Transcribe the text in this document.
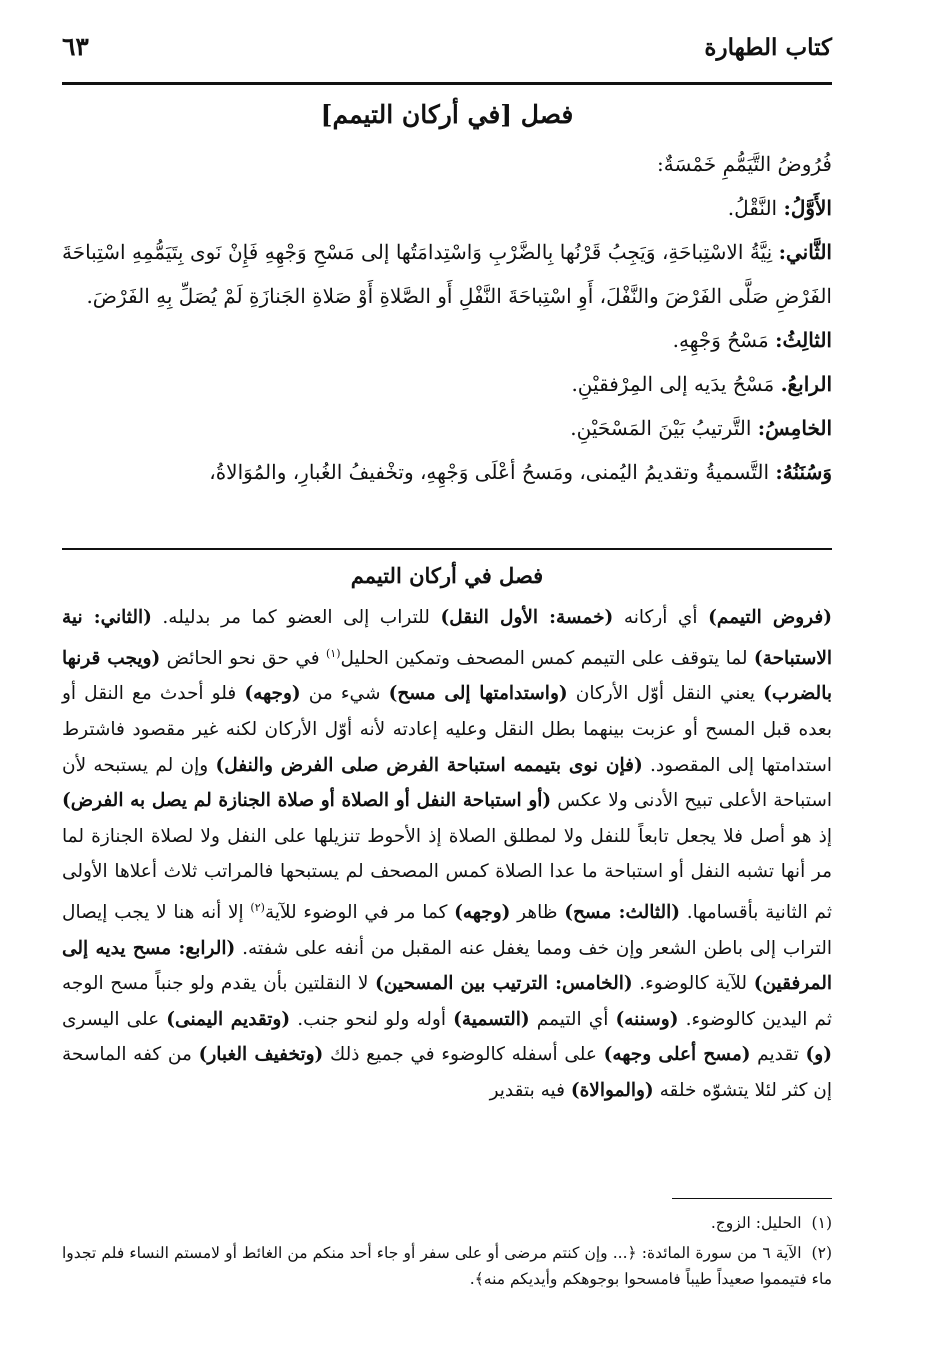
كتاب الطهارة
٦٣
فصل [في أركان التيمم]

فُرُوضُ التَّيَمُّمِ خَمْسَةٌ:

الأَوَّلُ: النَّقْلُ.

الثَّاني: نِيَّةُ الاسْتِباحَةِ، وَيَجِبُ قَرْنُها بِالضَّرْبِ وَاسْتِدامَتُها إلى مَسْحِ وَجْهِهِ فَإِنْ نَوى بِتَيَمُّمِهِ اسْتِباحَةَ الفَرْضِ صَلَّى الفَرْضَ والنَّفْلَ، أَوِ اسْتِباحَةَ النَّفْلِ أَو الصَّلاةِ أَوْ صَلاةِ الجَنازَةِ لَمْ يُصَلِّ بِهِ الفَرْضَ.

الثالِثُ: مَسْحُ وَجْهِهِ.

الرابعُ. مَسْحُ يدَيه إلى المِرْفقيْنِ.

الخامِسُ: التَّرتيبُ بَيْنَ المَسْحَيْنِ.

وَسُنَنُهُ: التَّسميةُ وتقديمُ اليُمنى، ومَسحُ أعْلَى وَجْهِهِ، وتخْفيفُ الغُبارِ، والمُوَالاةُ،

فصل في أركان التيمم

(فروض التيمم) أي أركانه (خمسة: الأول النقل) للتراب إلى العضو كما مر بدليله. (الثاني: نية الاستباحة) لما يتوقف على التيمم كمس المصحف وتمكين الحليل$^{(١)}$ في حق نحو الحائض (ويجب قرنها بالضرب) يعني النقل أوّل الأركان (واستدامتها إلى مسح) شيء من (وجهه) فلو أحدث مع النقل أو بعده قبل المسح أو عزبت بينهما بطل النقل وعليه إعادته لأنه أوّل الأركان لكنه غير مقصود فاشترط استدامتها إلى المقصود. (فإن نوى بتيممه استباحة الفرض صلى الفرض والنفل) وإن لم يستبحه لأن استباحة الأعلى تبيح الأدنى ولا عكس (أو استباحة النفل أو الصلاة أو صلاة الجنازة لم يصل به الفرض) إذ هو أصل فلا يجعل تابعاً للنفل ولا لمطلق الصلاة إذ الأحوط تنزيلها على النفل ولا لصلاة الجنازة لما مر أنها تشبه النفل أو استباحة ما عدا الصلاة كمس المصحف لم يستبحها فالمراتب ثلاث أعلاها الأولى ثم الثانية بأقسامها. (الثالث: مسح) ظاهر (وجهه) كما مر في الوضوء للآية$^{(٢)}$ إلا أنه هنا لا يجب إيصال التراب إلى باطن الشعر وإن خف ومما يغفل عنه المقبل من أنفه على شفته. (الرابع: مسح يديه إلى المرفقين) للآية كالوضوء. (الخامس: الترتيب بين المسحين) لا النقلتين بأن يقدم ولو جنباً مسح الوجه ثم اليدين كالوضوء. (وسننه) أي التيمم (التسمية) أوله ولو لنحو جنب. (وتقديم اليمنى) على اليسرى (و) تقديم (مسح أعلى وجهه) على أسفله كالوضوء في جميع ذلك (وتخفيف الغبار) من كفه الماسحة إن كثر لئلا يتشوّه خلقه (والموالاة) فيه بتقدير

(١)الحليل: الزوج.

(٢)الآية ٦ من سورة المائدة: ﴿... وإن كنتم مرضى أو على سفر أو جاء أحد منكم من الغائط أو لامستم النساء فلم تجدوا ماء فتيمموا صعيداً طيباً فامسحوا بوجوهكم وأيديكم منه﴾.
